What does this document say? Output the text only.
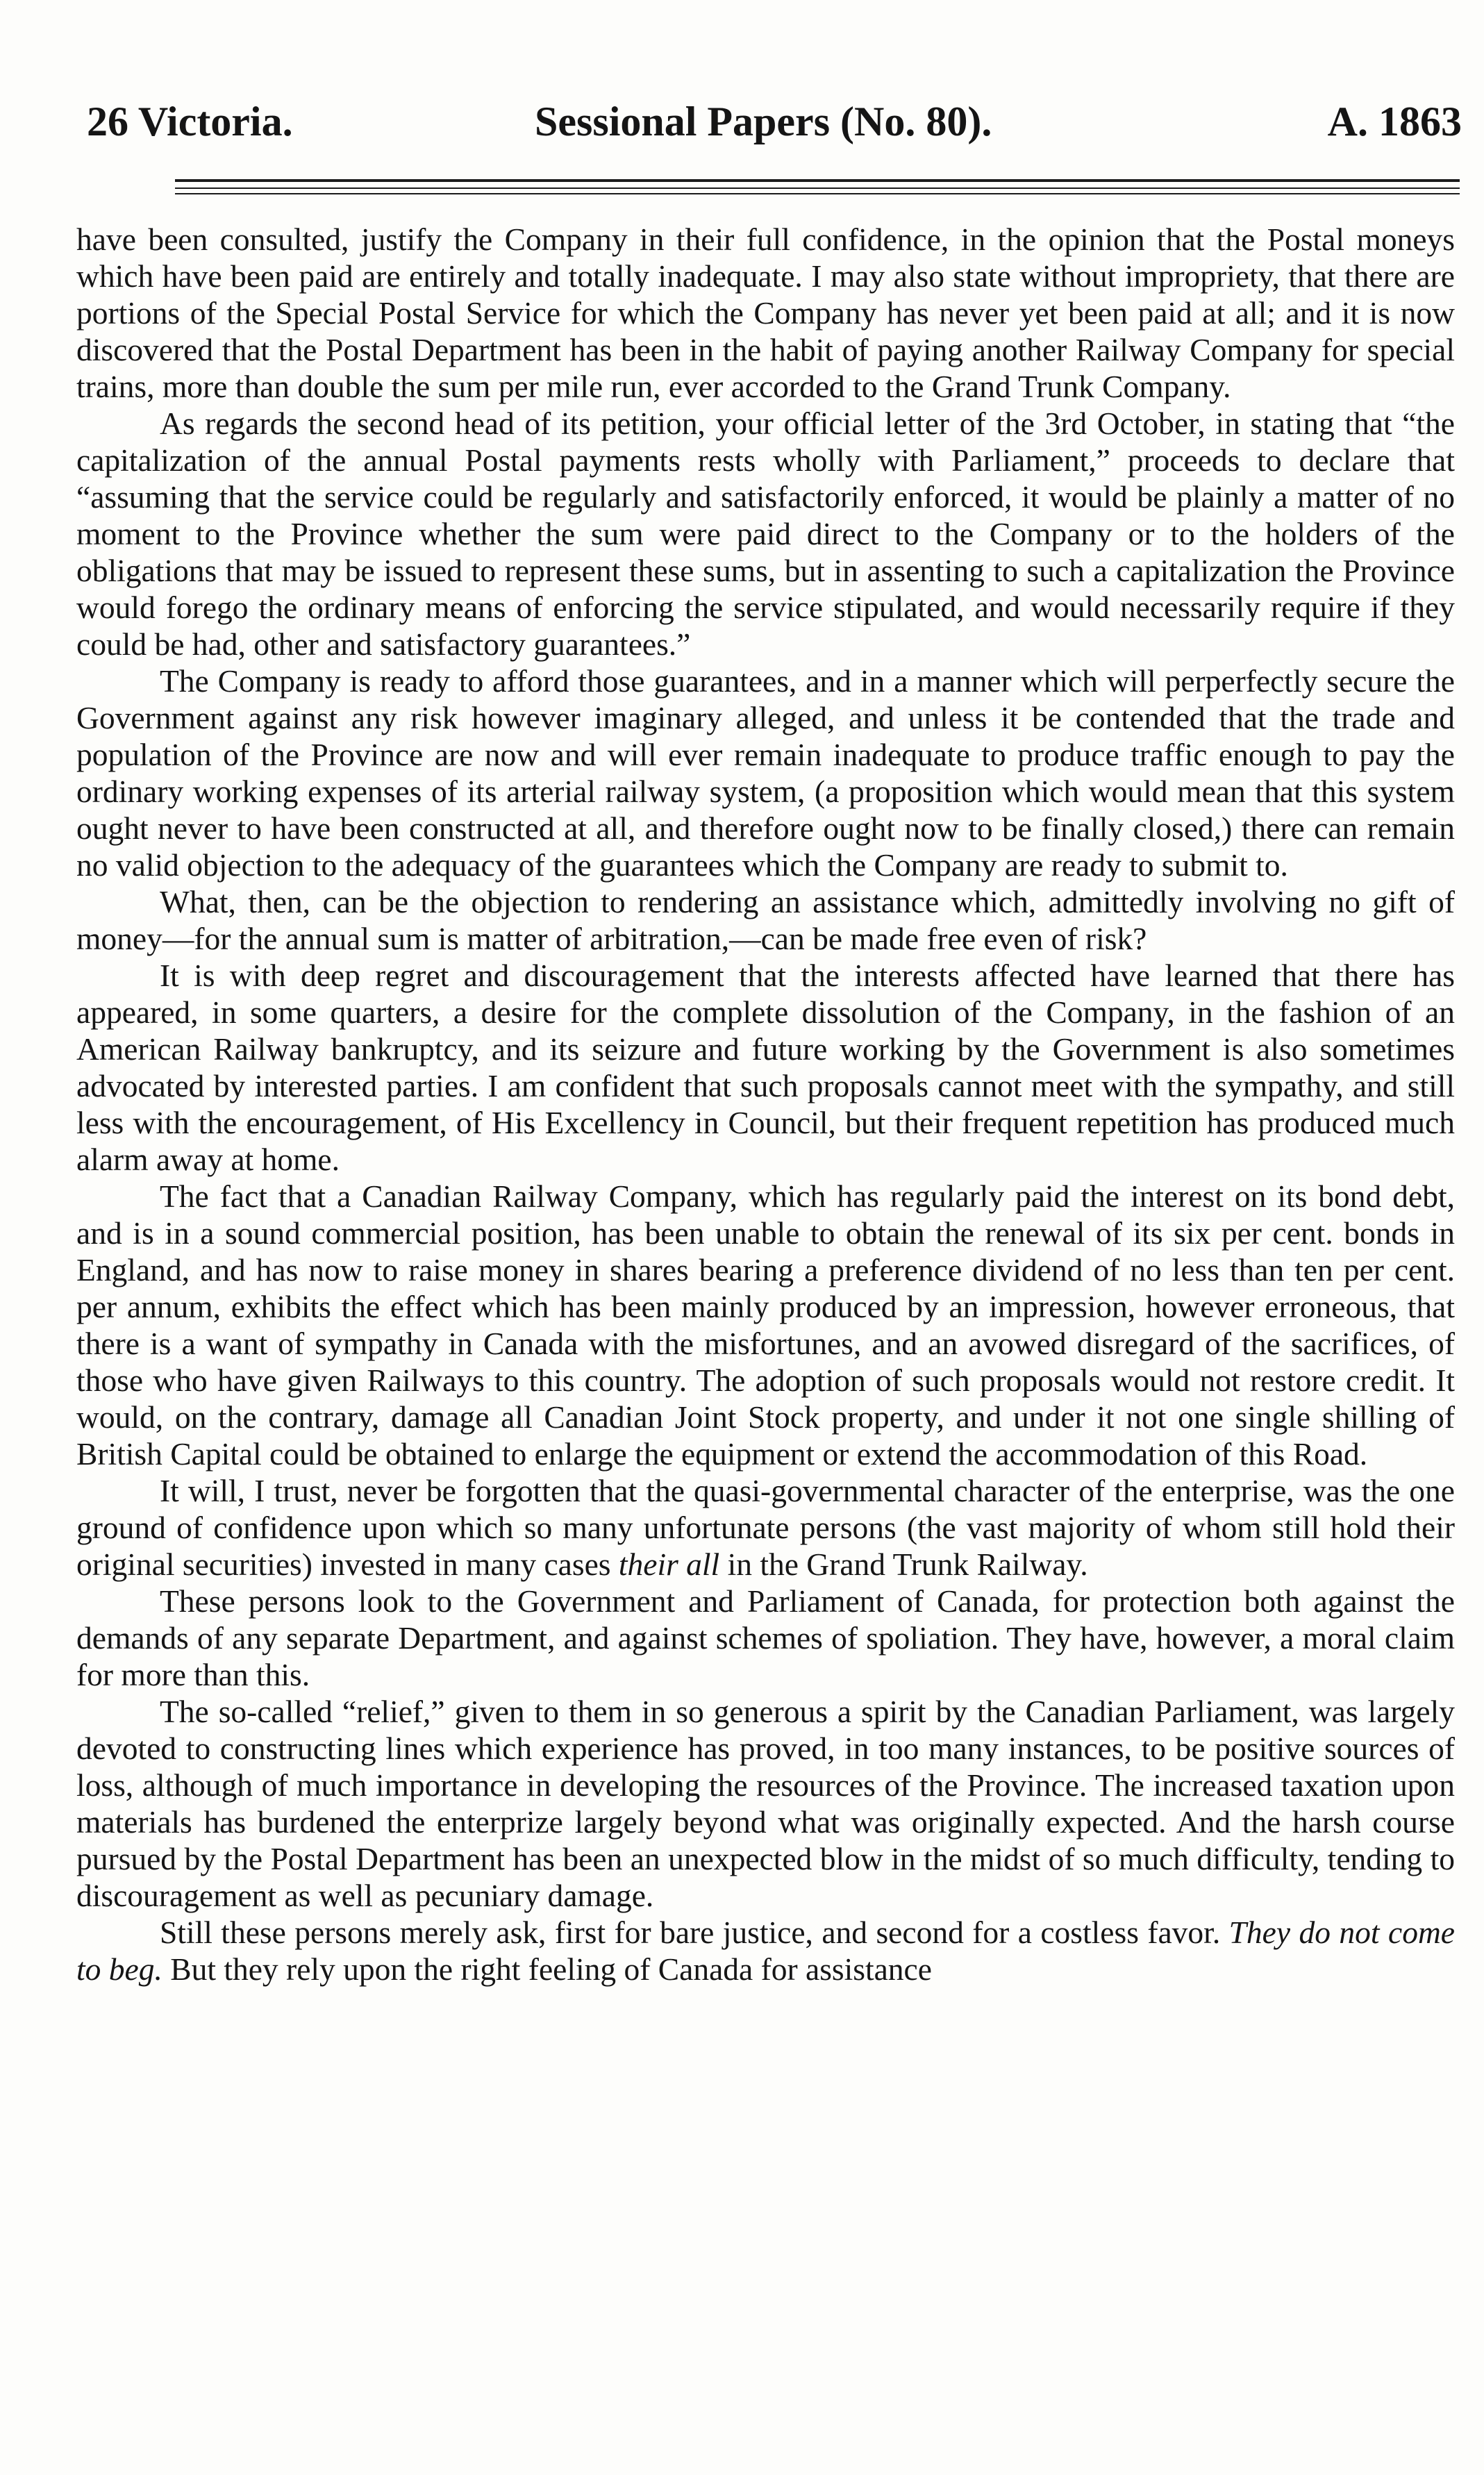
26 Victoria.	Sessional Papers (No. 80).	A. 1863

have been consulted, justify the Company in their full confidence, in the opinion that the Postal moneys which have been paid are entirely and totally inadequate. I may also state without impropriety, that there are portions of the Special Postal Service for which the Company has never yet been paid at all; and it is now discovered that the Postal Department has been in the habit of paying another Railway Company for special trains, more than double the sum per mile run, ever accorded to the Grand Trunk Company.

As regards the second head of its petition, your official letter of the 3rd October, in stating that “the capitalization of the annual Postal payments rests wholly with Parliament,” proceeds to declare that “assuming that the service could be regularly and satisfactorily enforced, it would be plainly a matter of no moment to the Province whether the sum were paid direct to the Company or to the holders of the obligations that may be issued to represent these sums, but in assenting to such a capitalization the Province would forego the ordinary means of enforcing the service stipulated, and would necessarily require if they could be had, other and satisfactory guarantees.”

The Company is ready to afford those guarantees, and in a manner which will perperfectly secure the Government against any risk however imaginary alleged, and unless it be contended that the trade and population of the Province are now and will ever remain inadequate to produce traffic enough to pay the ordinary working expenses of its arterial railway system, (a proposition which would mean that this system ought never to have been constructed at all, and therefore ought now to be finally closed,) there can remain no valid objection to the adequacy of the guarantees which the Company are ready to submit to.

What, then, can be the objection to rendering an assistance which, admittedly involving no gift of money—for the annual sum is matter of arbitration,—can be made free even of risk?

It is with deep regret and discouragement that the interests affected have learned that there has appeared, in some quarters, a desire for the complete dissolution of the Company, in the fashion of an American Railway bankruptcy, and its seizure and future working by the Government is also sometimes advocated by interested parties. I am confident that such proposals cannot meet with the sympathy, and still less with the encouragement, of His Excellency in Council, but their frequent repetition has produced much alarm away at home.

The fact that a Canadian Railway Company, which has regularly paid the interest on its bond debt, and is in a sound commercial position, has been unable to obtain the renewal of its six per cent. bonds in England, and has now to raise money in shares bearing a preference dividend of no less than ten per cent. per annum, exhibits the effect which has been mainly produced by an impression, however erroneous, that there is a want of sympathy in Canada with the misfortunes, and an avowed disregard of the sacrifices, of those who have given Railways to this country. The adoption of such proposals would not restore credit. It would, on the contrary, damage all Canadian Joint Stock property, and under it not one single shilling of British Capital could be obtained to enlarge the equipment or extend the accommodation of this Road.

It will, I trust, never be forgotten that the quasi-governmental character of the enterprise, was the one ground of confidence upon which so many unfortunate persons (the vast majority of whom still hold their original securities) invested in many cases their all in the Grand Trunk Railway.

These persons look to the Government and Parliament of Canada, for protection both against the demands of any separate Department, and against schemes of spoliation. They have, however, a moral claim for more than this.

The so-called “relief,” given to them in so generous a spirit by the Canadian Parliament, was largely devoted to constructing lines which experience has proved, in too many instances, to be positive sources of loss, although of much importance in developing the resources of the Province. The increased taxation upon materials has burdened the enterprize largely beyond what was originally expected. And the harsh course pursued by the Postal Department has been an unexpected blow in the midst of so much difficulty, tending to discouragement as well as pecuniary damage.

Still these persons merely ask, first for bare justice, and second for a costless favor. They do not come to beg. But they rely upon the right feeling of Canada for assistance
